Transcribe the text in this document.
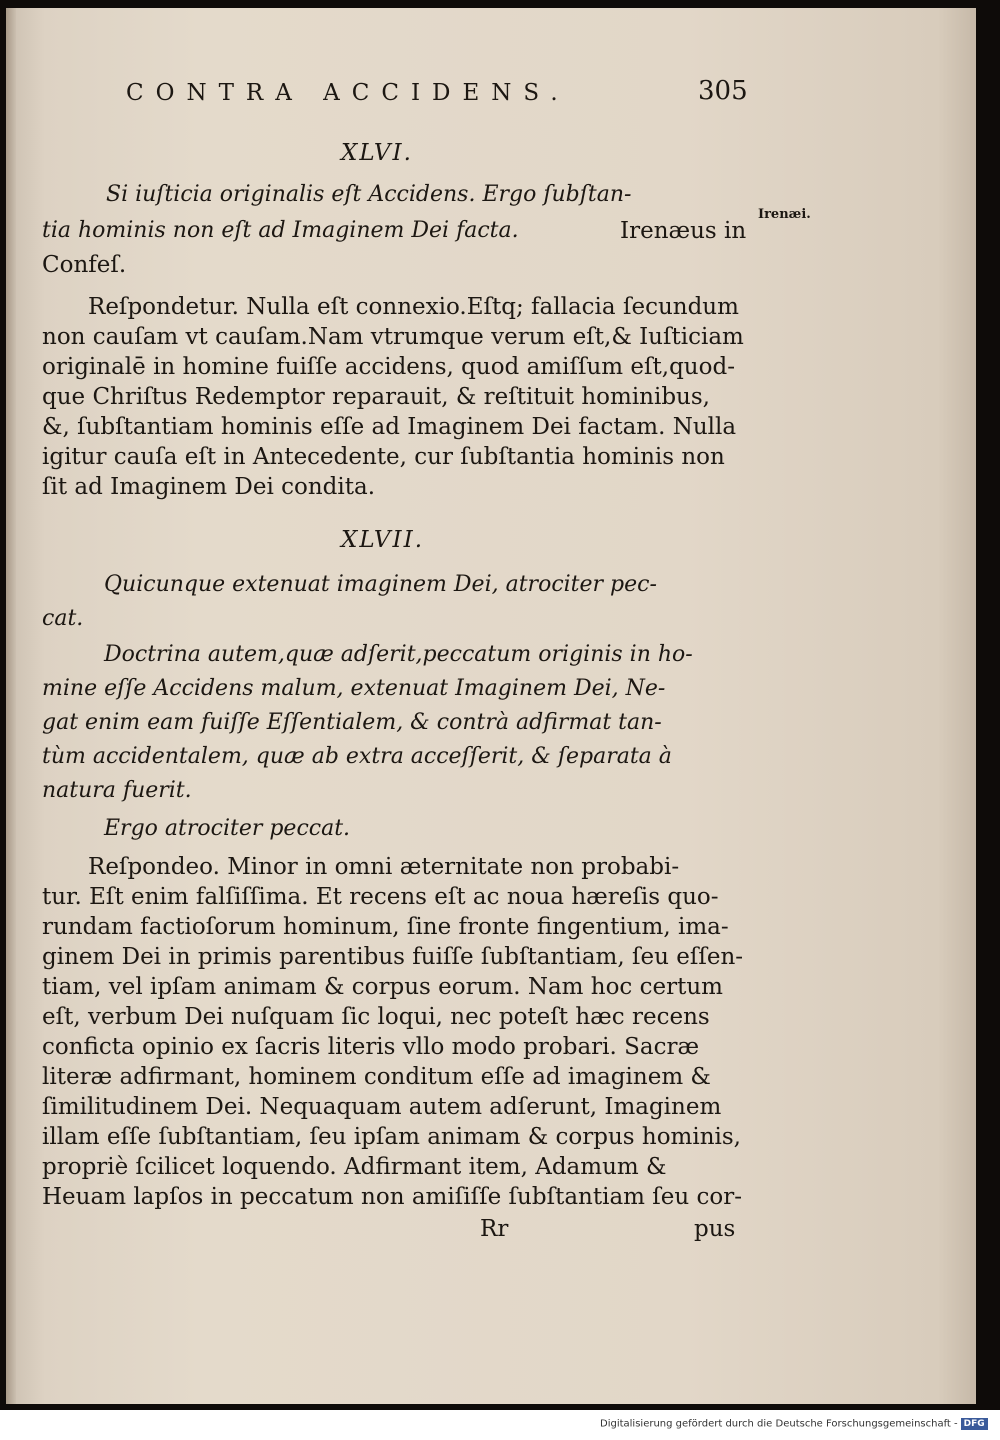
CONTRA ACCIDENS.	305

XLVI.

Irenæi.

Si iuſticia originalis eſt Accidens. Ergo ſubſtan-

tia hominis non eſt ad Imaginem Dei facta.	Irenæus in

Confeſ.

Reſpondetur. Nulla eſt connexio.Eſtq; fallacia ſecundum

non cauſam vt cauſam.Nam vtrumque verum eſt,& Iuſticiam

originalē in homine fuiſſe accidens, quod amiſſum eſt,quod-

que Chriſtus Redemptor reparauit, & reſtituit hominibus,

&, ſubſtantiam hominis eſſe ad Imaginem Dei factam. Nulla

igitur cauſa eſt in Antecedente, cur ſubſtantia hominis non

ſit ad Imaginem Dei condita.

XLVII.

Quicunque extenuat imaginem Dei, atrociter pec-

cat.

Doctrina autem,quæ adſerit,peccatum originis in ho-

mine eſſe Accidens malum, extenuat Imaginem Dei, Ne-

gat enim eam fuiſſe Eſſentialem, & contrà adfirmat tan-

tùm accidentalem, quæ ab extra acceſſerit, & ſeparata à

natura fuerit.

Ergo atrociter peccat.

Reſpondeo. Minor in omni æternitate non probabi-

tur. Eſt enim falſiſſima. Et recens eſt ac noua hæreſis quo-

rundam factioſorum hominum, ſine fronte fingentium, ima-

ginem Dei in primis parentibus fuiſſe ſubſtantiam, ſeu eſſen-

tiam, vel ipſam animam & corpus eorum. Nam hoc certum

eſt, verbum Dei nuſquam ſic loqui, nec poteſt hæc recens

conficta opinio ex ſacris literis vllo modo probari. Sacræ

literæ adfirmant, hominem conditum eſſe ad imaginem &

ſimilitudinem Dei. Nequaquam autem adſerunt, Imaginem

illam eſſe ſubſtantiam, ſeu ipſam animam & corpus hominis,

propriè ſcilicet loquendo. Adfirmant item, Adamum &

Heuam lapſos in peccatum non amiſiſſe ſubſtantiam ſeu cor-

Rr	pus

Digitalisierung gefördert durch die Deutsche Forschungsgemeinschaft - DFG
